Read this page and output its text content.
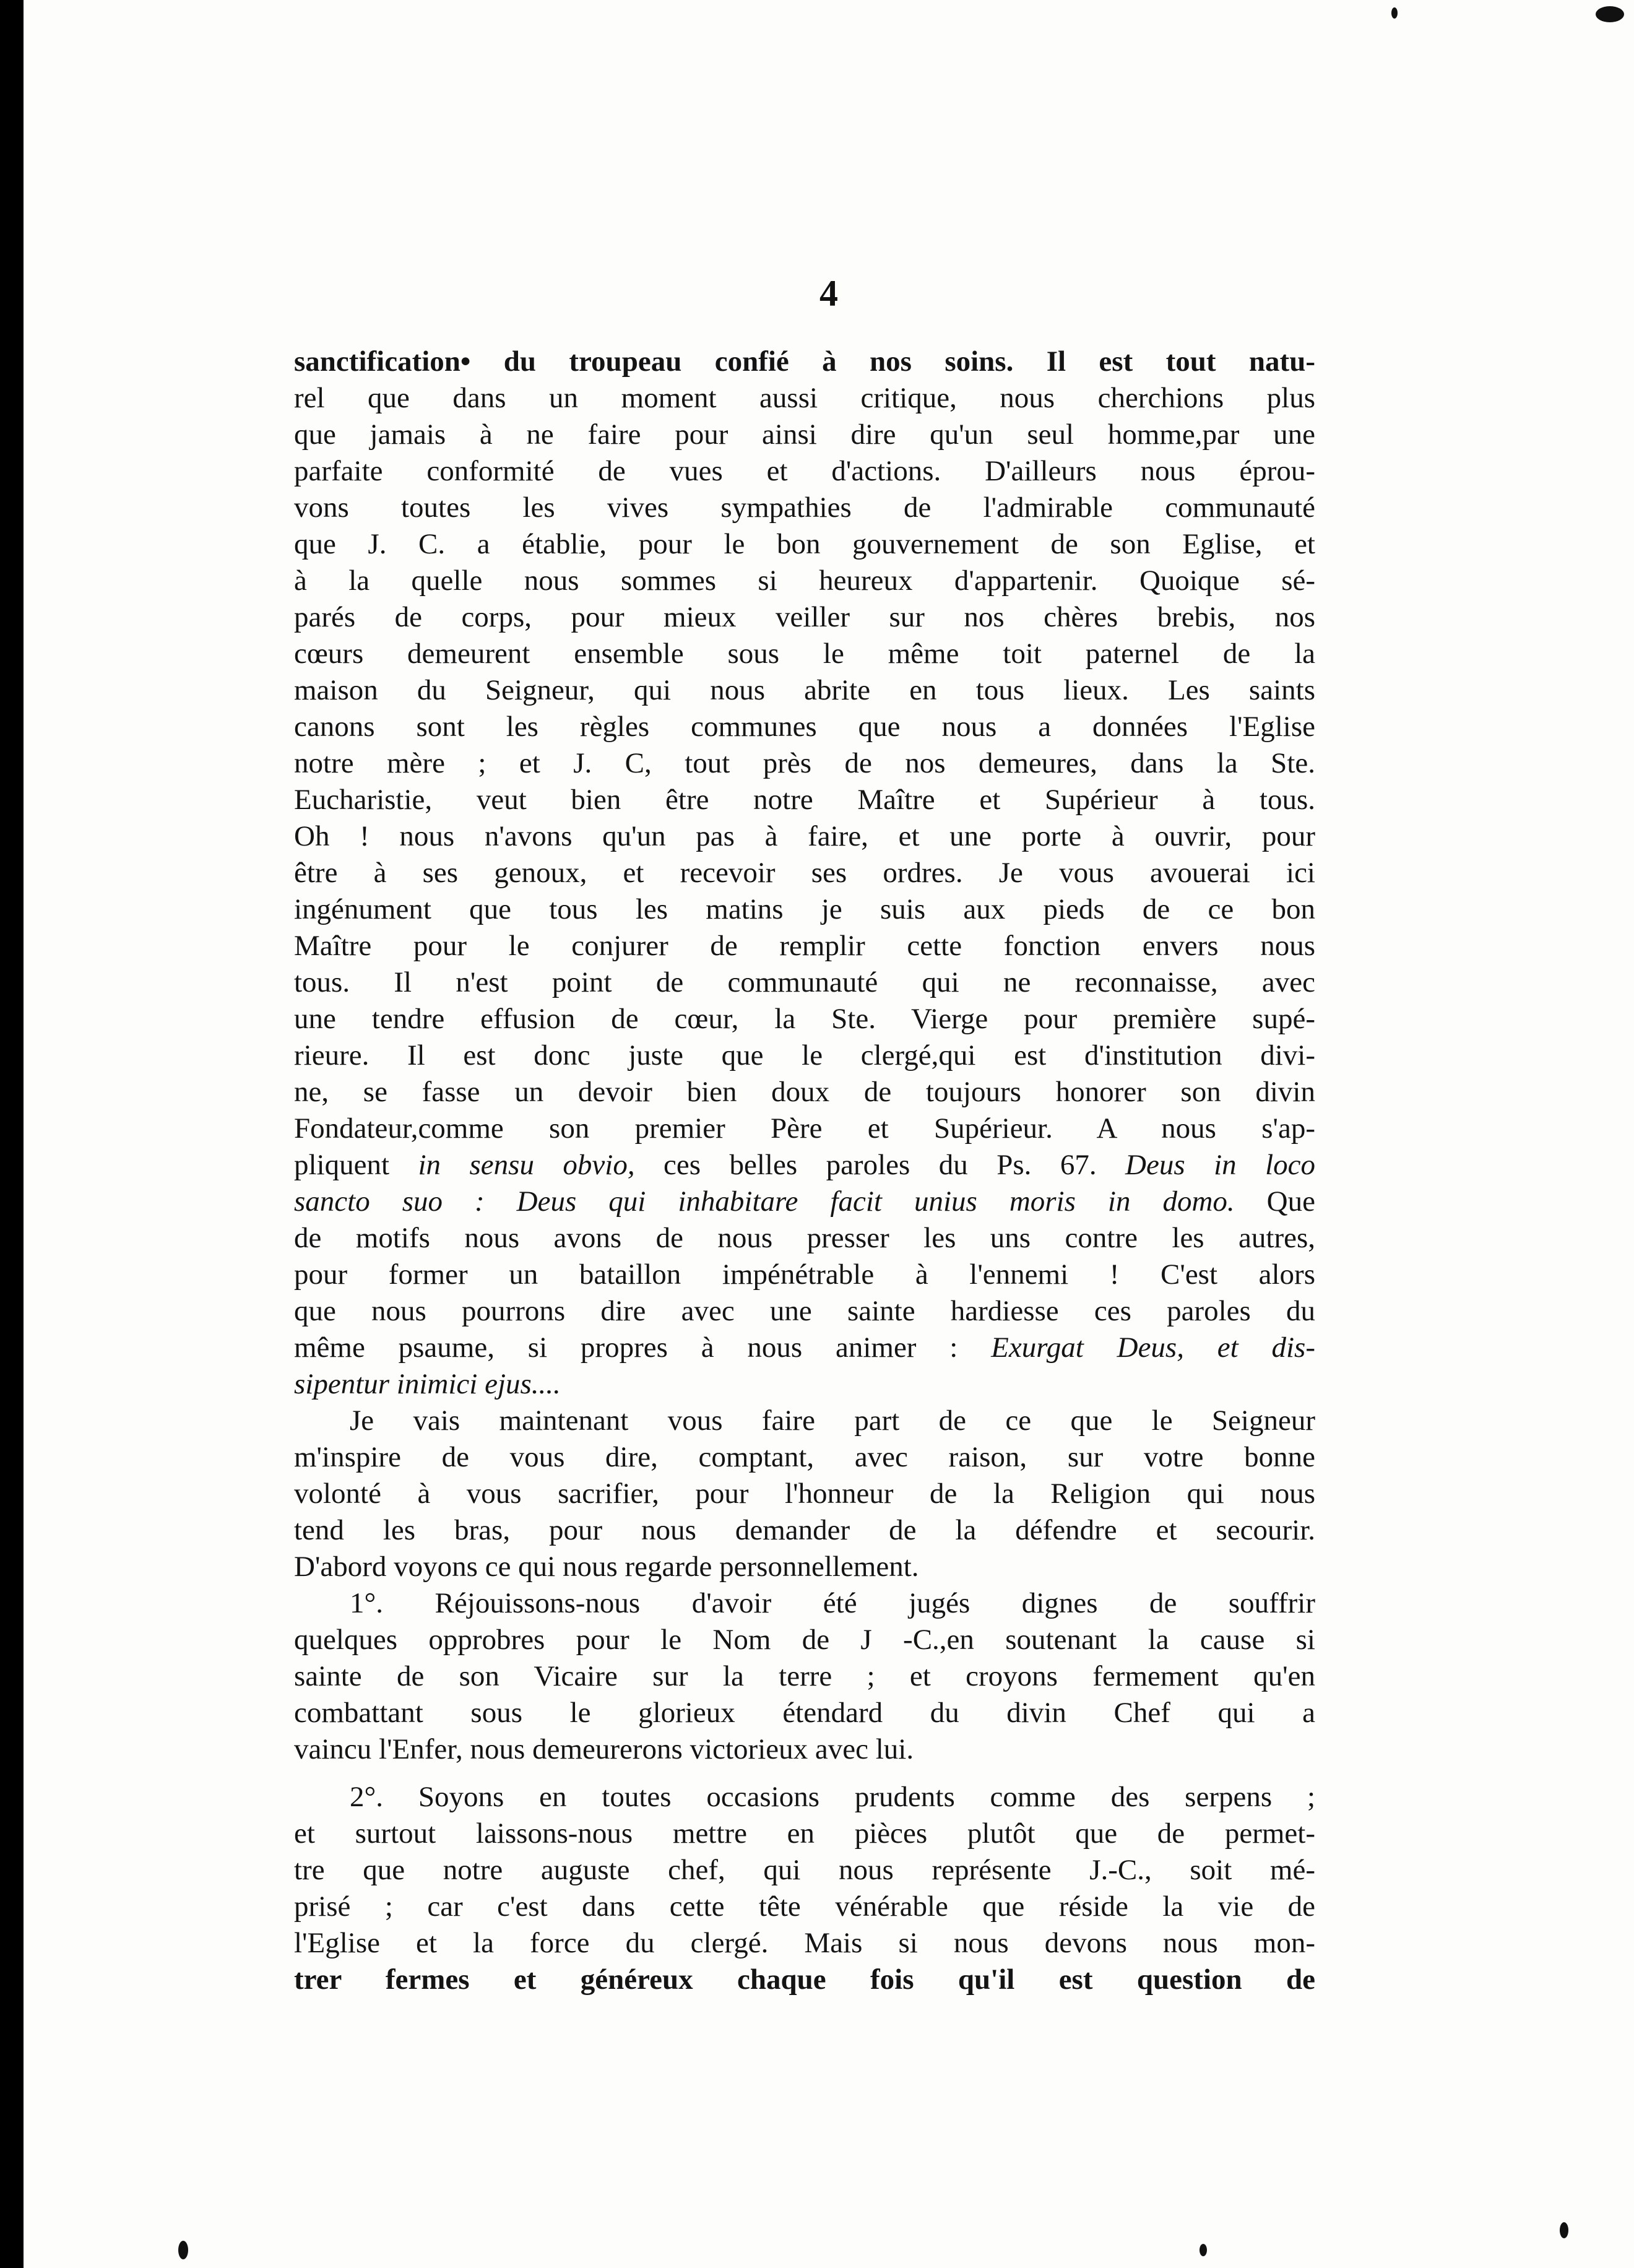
4
sanctification• du troupeau confié à nos soins. Il est tout natu-
rel que dans un moment aussi critique, nous cherchions plus
que jamais à ne faire pour ainsi dire qu'un seul homme,par une
parfaite conformité de vues et d'actions. D'ailleurs nous éprou-
vons toutes les vives sympathies de l'admirable communauté
que J. C. a établie, pour le bon gouvernement de son Eglise, et
à la quelle nous sommes si heureux d'appartenir. Quoique sé-
parés de corps, pour mieux veiller sur nos chères brebis, nos
cœurs demeurent ensemble sous le même toit paternel de la
maison du Seigneur, qui nous abrite en tous lieux. Les saints
canons sont les règles communes que nous a données l'Eglise
notre mère ; et J. C, tout près de nos demeures, dans la Ste.
Eucharistie, veut bien être notre Maître et Supérieur à tous.
Oh ! nous n'avons qu'un pas à faire, et une porte à ouvrir, pour
être à ses genoux, et recevoir ses ordres. Je vous avouerai ici
ingénument que tous les matins je suis aux pieds de ce bon
Maître pour le conjurer de remplir cette fonction envers nous
tous. Il n'est point de communauté qui ne reconnaisse, avec
une tendre effusion de cœur, la Ste. Vierge pour première supé-
rieure. Il est donc juste que le clergé,qui est d'institution divi-
ne, se fasse un devoir bien doux de toujours honorer son divin
Fondateur,comme son premier Père et Supérieur. A nous s'ap-
pliquent in sensu obvio, ces belles paroles du Ps. 67. Deus in loco
sancto suo : Deus qui inhabitare facit unius moris in domo. Que
de motifs nous avons de nous presser les uns contre les autres,
pour former un bataillon impénétrable à l'ennemi ! C'est alors
que nous pourrons dire avec une sainte hardiesse ces paroles du
même psaume, si propres à nous animer : Exurgat Deus, et dis-
sipentur inimici ejus....
Je vais maintenant vous faire part de ce que le Seigneur
m'inspire de vous dire, comptant, avec raison, sur votre bonne
volonté à vous sacrifier, pour l'honneur de la Religion qui nous
tend les bras, pour nous demander de la défendre et secourir.
D'abord voyons ce qui nous regarde personnellement.
1°. Réjouissons-nous d'avoir été jugés dignes de souffrir
quelques opprobres pour le Nom de J -C.,en soutenant la cause si
sainte de son Vicaire sur la terre ; et croyons fermement qu'en
combattant sous le glorieux étendard du divin Chef qui a
vaincu l'Enfer, nous demeurerons victorieux avec lui.
2°. Soyons en toutes occasions prudents comme des serpens ;
et surtout laissons-nous mettre en pièces plutôt que de permet-
tre que notre auguste chef, qui nous représente J.-C., soit mé-
prisé ; car c'est dans cette tête vénérable que réside la vie de
l'Eglise et la force du clergé. Mais si nous devons nous mon-
trer fermes et généreux chaque fois qu'il est question de
